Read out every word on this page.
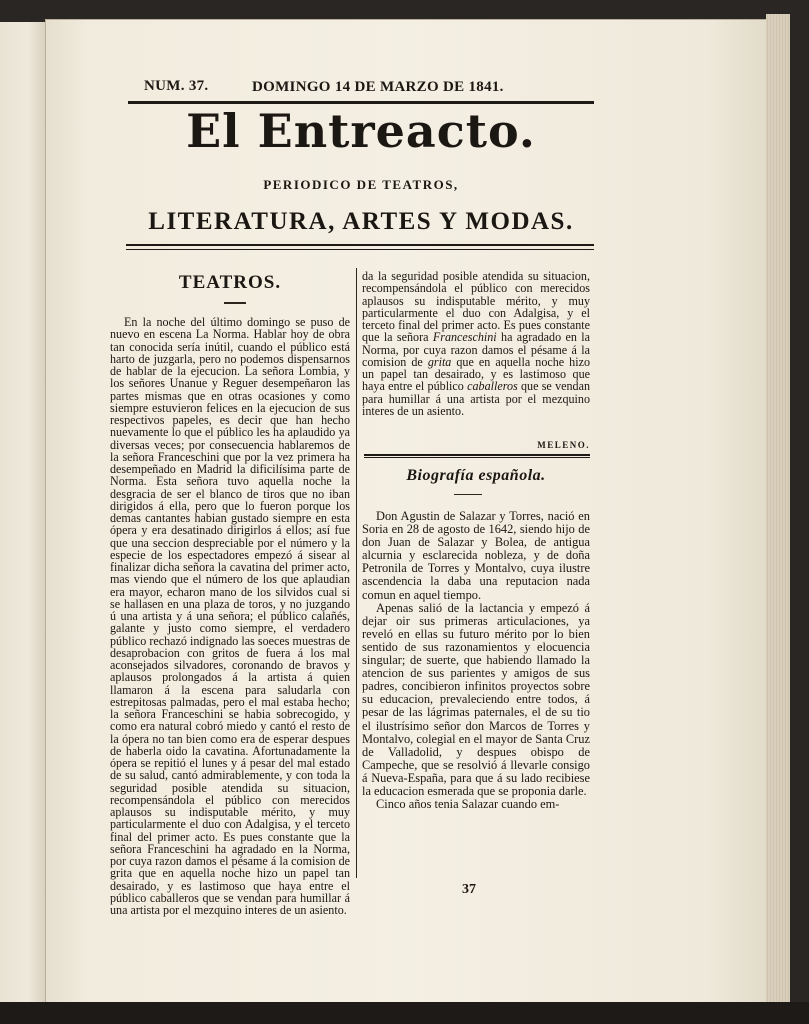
NUM. 37.	DOMINGO 14 DE MARZO DE 1841.
El Entreacto.
PERIODICO DE TEATROS,
LITERATURA, ARTES Y MODAS.
TEATROS.

En la noche del último domingo se puso de nuevo en escena La Norma. Hablar hoy de obra tan conocida sería inútil, cuando el público está harto de juzgarla, pero no podemos dispensarnos de hablar de la ejecucion. La señora Lombia, y los señores Unanue y Reguer desempeñaron las partes mismas que en otras ocasiones y como siempre estuvieron felices en la ejecucion de sus respectivos papeles, es decir que han hecho nuevamente lo que el público les ha aplaudido ya diversas veces; por consecuencia hablaremos de la señora Franceschini que por la vez primera ha desempeñado en Madrid la dificilísima parte de Norma. Esta señora tuvo aquella noche la desgracia de ser el blanco de tiros que no iban dirigidos á ella, pero que lo fueron porque los demas cantantes habian gustado siempre en esta ópera y era desatinado dirigirlos á ellos; así fue que una seccion despreciable por el número y la especie de los espectadores empezó á sisear al finalizar dicha señora la cavatina del primer acto, mas viendo que el número de los que aplaudian era mayor, echaron mano de los silvidos cual si se hallasen en una plaza de toros, y no juzgando ú una artista y á una señora; el público calañés, galante y justo como siempre, el verdadero público rechazó indignado las soeces muestras de desaprobacion con gritos de fuera á los mal aconsejados silvadores, coronando de bravos y aplausos prolongados á la artista á quien llamaron á la escena para saludarla con estrepitosas palmadas, pero el mal estaba hecho; la señora Franceschini se habia sobrecogido, y como era natural cobró miedo y cantó el resto de la ópera no tan bien como era de esperar despues de haberla oido la cavatina. Afortunadamente la ópera se repitió el lunes y á pesar del mal estado de su salud, cantó admirablemente, y con toda la seguridad posible atendida su situacion, recompensándola el público con merecidos aplausos su indisputable mérito, y muy particularmente el duo con Adalgisa, y el terceto final del primer acto. Es pues constante que la señora Franceschini ha agradado en la Norma, por cuya razon damos el pésame á la comision de grita que en aquella noche hizo un papel tan desairado, y es lastimoso que haya entre el público caballeros que se vendan para humillar á una artista por el mezquino interes de un asiento.

da la seguridad posible atendida su situacion, recompensándola el público con merecidos aplausos su indisputable mérito, y muy particularmente el duo con Adalgisa, y el terceto final del primer acto. Es pues constante que la señora Franceschini ha agradado en la Norma, por cuya razon damos el pésame á la comision de grita que en aquella noche hizo un papel tan desairado, y es lastimoso que haya entre el público caballeros que se vendan para humillar á una artista por el mezquino interes de un asiento.

MELENO.
Biografía española.

Don Agustin de Salazar y Torres, nació en Soria en 28 de agosto de 1642, siendo hijo de don Juan de Salazar y Bolea, de antigua alcurnia y esclarecida nobleza, y de doña Petronila de Torres y Montalvo, cuya ilustre ascendencia la daba una reputacion nada comun en aquel tiempo.

Apenas salió de la lactancia y empezó á dejar oir sus primeras articulaciones, ya reveló en ellas su futuro mérito por lo bien sentido de sus razonamientos y elocuencia singular; de suerte, que habiendo llamado la atencion de sus parientes y amigos de sus padres, concibieron infinitos proyectos sobre su educacion, prevaleciendo entre todos, á pesar de las lágrimas paternales, el de su tio el ilustrísimo señor don Marcos de Torres y Montalvo, colegial en el mayor de Santa Cruz de Valladolid, y despues obispo de Campeche, que se resolvió á llevarle consigo á Nueva-España, para que á su lado recibiese la educacion esmerada que se proponia darle.

Cinco años tenia Salazar cuando em-

37
